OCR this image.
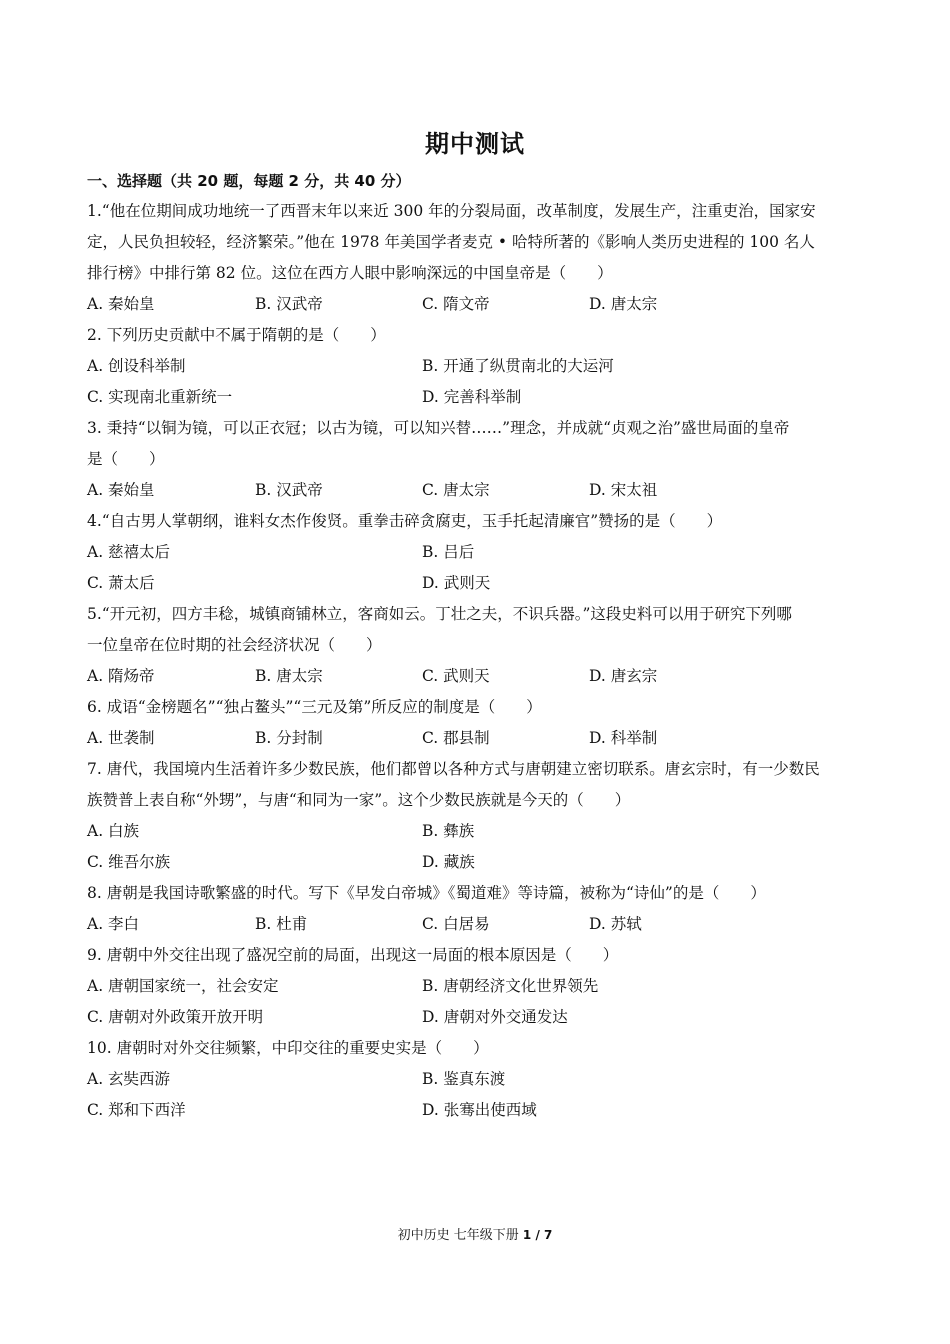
期中测试
一、选择题（共 20 题，每题 2 分，共 40 分）
1.“他在位期间成功地统一了西晋末年以来近 300 年的分裂局面，改革制度，发展生产，注重吏治，国家安
定，人民负担较轻，经济繁荣。”他在 1978 年美国学者麦克 • 哈特所著的《影响人类历史进程的 100 名人
排行榜》中排行第 82 位。这位在西方人眼中影响深远的中国皇帝是（　　）
A. 秦始皇	B. 汉武帝	C. 隋文帝	D. 唐太宗
2. 下列历史贡献中不属于隋朝的是（　　）
A. 创设科举制	B. 开通了纵贯南北的大运河
C. 实现南北重新统一	D. 完善科举制
3. 秉持“以铜为镜，可以正衣冠；以古为镜，可以知兴替……”理念，并成就“贞观之治”盛世局面的皇帝
是（　　）
A. 秦始皇	B. 汉武帝	C. 唐太宗	D. 宋太祖
4.“自古男人掌朝纲，谁料女杰作俊贤。重拳击碎贪腐吏，玉手托起清廉官”赞扬的是（　　）
A. 慈禧太后	B. 吕后
C. 萧太后	D. 武则天
5.“开元初，四方丰稔，城镇商铺林立，客商如云。丁壮之夫，不识兵器。”这段史料可以用于研究下列哪
一位皇帝在位时期的社会经济状况（　　）
A. 隋炀帝	B. 唐太宗	C. 武则天	D. 唐玄宗
6. 成语“金榜题名”“独占鳌头”“三元及第”所反应的制度是（　　）
A. 世袭制	B. 分封制	C. 郡县制	D. 科举制
7. 唐代，我国境内生活着许多少数民族，他们都曾以各种方式与唐朝建立密切联系。唐玄宗时，有一少数民
族赞普上表自称“外甥”，与唐“和同为一家”。这个少数民族就是今天的（　　）
A. 白族	B. 彝族
C. 维吾尔族	D. 藏族
8. 唐朝是我国诗歌繁盛的时代。写下《早发白帝城》《蜀道难》等诗篇，被称为“诗仙”的是（　　）
A. 李白	B. 杜甫	C. 白居易	D. 苏轼
9. 唐朝中外交往出现了盛况空前的局面，出现这一局面的根本原因是（　　）
A. 唐朝国家统一，社会安定	B. 唐朝经济文化世界领先
C. 唐朝对外政策开放开明	D. 唐朝对外交通发达
10. 唐朝时对外交往频繁，中印交往的重要史实是（　　）
A. 玄奘西游	B. 鉴真东渡
C. 郑和下西洋	D. 张骞出使西域
初中历史 七年级下册 1 / 7
